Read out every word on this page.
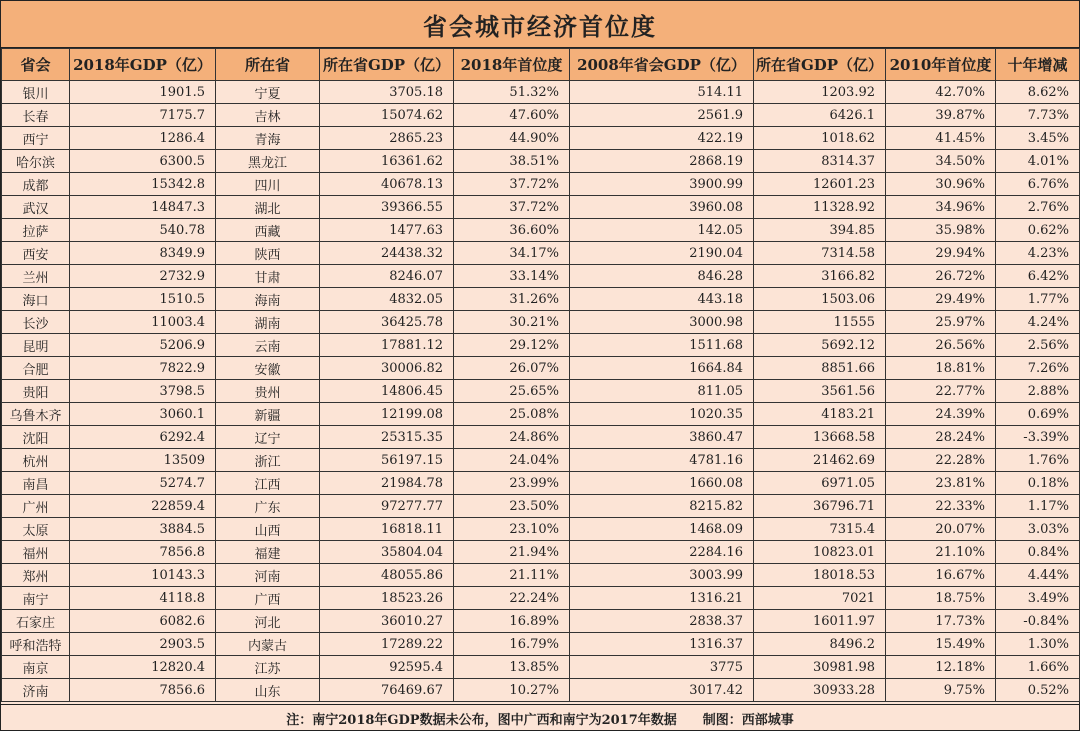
省会城市经济首位度
省会	2018年GDP（亿）	所在省	所在省GDP（亿）	2018年首位度	2008年省会GDP（亿）	所在省GDP（亿）	2010年首位度	十年增减
银川	1901.5	宁夏	3705.18	51.32%	514.11	1203.92	42.70%	8.62%
长春	7175.7	吉林	15074.62	47.60%	2561.9	6426.1	39.87%	7.73%
西宁	1286.4	青海	2865.23	44.90%	422.19	1018.62	41.45%	3.45%
哈尔滨	6300.5	黑龙江	16361.62	38.51%	2868.19	8314.37	34.50%	4.01%
成都	15342.8	四川	40678.13	37.72%	3900.99	12601.23	30.96%	6.76%
武汉	14847.3	湖北	39366.55	37.72%	3960.08	11328.92	34.96%	2.76%
拉萨	540.78	西藏	1477.63	36.60%	142.05	394.85	35.98%	0.62%
西安	8349.9	陕西	24438.32	34.17%	2190.04	7314.58	29.94%	4.23%
兰州	2732.9	甘肃	8246.07	33.14%	846.28	3166.82	26.72%	6.42%
海口	1510.5	海南	4832.05	31.26%	443.18	1503.06	29.49%	1.77%
长沙	11003.4	湖南	36425.78	30.21%	3000.98	11555	25.97%	4.24%
昆明	5206.9	云南	17881.12	29.12%	1511.68	5692.12	26.56%	2.56%
合肥	7822.9	安徽	30006.82	26.07%	1664.84	8851.66	18.81%	7.26%
贵阳	3798.5	贵州	14806.45	25.65%	811.05	3561.56	22.77%	2.88%
乌鲁木齐	3060.1	新疆	12199.08	25.08%	1020.35	4183.21	24.39%	0.69%
沈阳	6292.4	辽宁	25315.35	24.86%	3860.47	13668.58	28.24%	-3.39%
杭州	13509	浙江	56197.15	24.04%	4781.16	21462.69	22.28%	1.76%
南昌	5274.7	江西	21984.78	23.99%	1660.08	6971.05	23.81%	0.18%
广州	22859.4	广东	97277.77	23.50%	8215.82	36796.71	22.33%	1.17%
太原	3884.5	山西	16818.11	23.10%	1468.09	7315.4	20.07%	3.03%
福州	7856.8	福建	35804.04	21.94%	2284.16	10823.01	21.10%	0.84%
郑州	10143.3	河南	48055.86	21.11%	3003.99	18018.53	16.67%	4.44%
南宁	4118.8	广西	18523.26	22.24%	1316.21	7021	18.75%	3.49%
石家庄	6082.6	河北	36010.27	16.89%	2838.37	16011.97	17.73%	-0.84%
呼和浩特	2903.5	内蒙古	17289.22	16.79%	1316.37	8496.2	15.49%	1.30%
南京	12820.4	江苏	92595.4	13.85%	3775	30981.98	12.18%	1.66%
济南	7856.6	山东	76469.67	10.27%	3017.42	30933.28	9.75%	0.52%
注：南宁2018年GDP数据未公布，图中广西和南宁为2017年数据　　制图：西部城事
